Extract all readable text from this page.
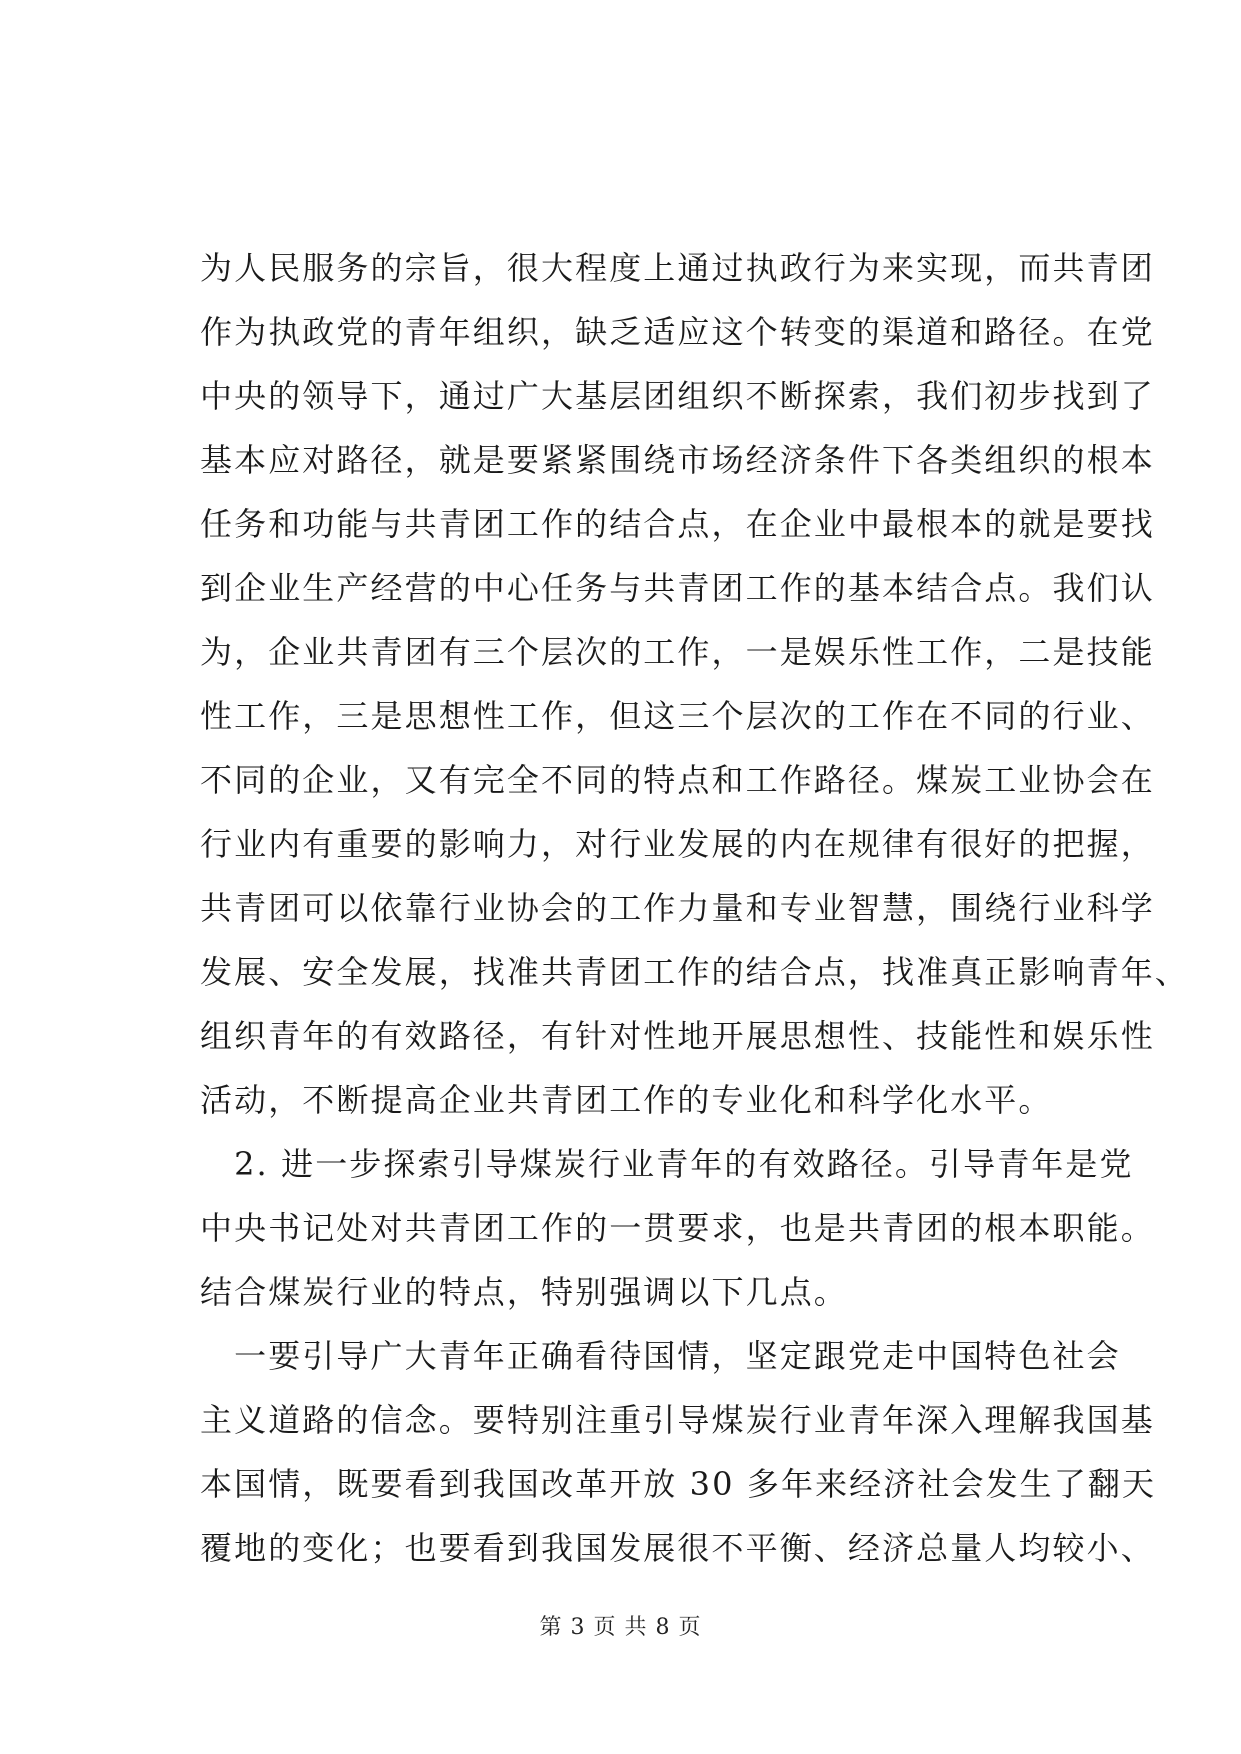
为人民服务的宗旨，很大程度上通过执政行为来实现，而共青团
作为执政党的青年组织，缺乏适应这个转变的渠道和路径。在党
中央的领导下，通过广大基层团组织不断探索，我们初步找到了
基本应对路径，就是要紧紧围绕市场经济条件下各类组织的根本
任务和功能与共青团工作的结合点，在企业中最根本的就是要找
到企业生产经营的中心任务与共青团工作的基本结合点。我们认
为，企业共青团有三个层次的工作，一是娱乐性工作，二是技能
性工作，三是思想性工作，但这三个层次的工作在不同的行业、
不同的企业，又有完全不同的特点和工作路径。煤炭工业协会在
行业内有重要的影响力，对行业发展的内在规律有很好的把握，
共青团可以依靠行业协会的工作力量和专业智慧，围绕行业科学
发展、安全发展，找准共青团工作的结合点，找准真正影响青年、
组织青年的有效路径，有针对性地开展思想性、技能性和娱乐性
活动，不断提高企业共青团工作的专业化和科学化水平。
　2. 进一步探索引导煤炭行业青年的有效路径。引导青年是党
中央书记处对共青团工作的一贯要求，也是共青团的根本职能。
结合煤炭行业的特点，特别强调以下几点。
　一要引导广大青年正确看待国情，坚定跟党走中国特色社会
主义道路的信念。要特别注重引导煤炭行业青年深入理解我国基
本国情，既要看到我国改革开放 30 多年来经济社会发生了翻天
覆地的变化；也要看到我国发展很不平衡、经济总量人均较小、
第 3 页 共 8 页
